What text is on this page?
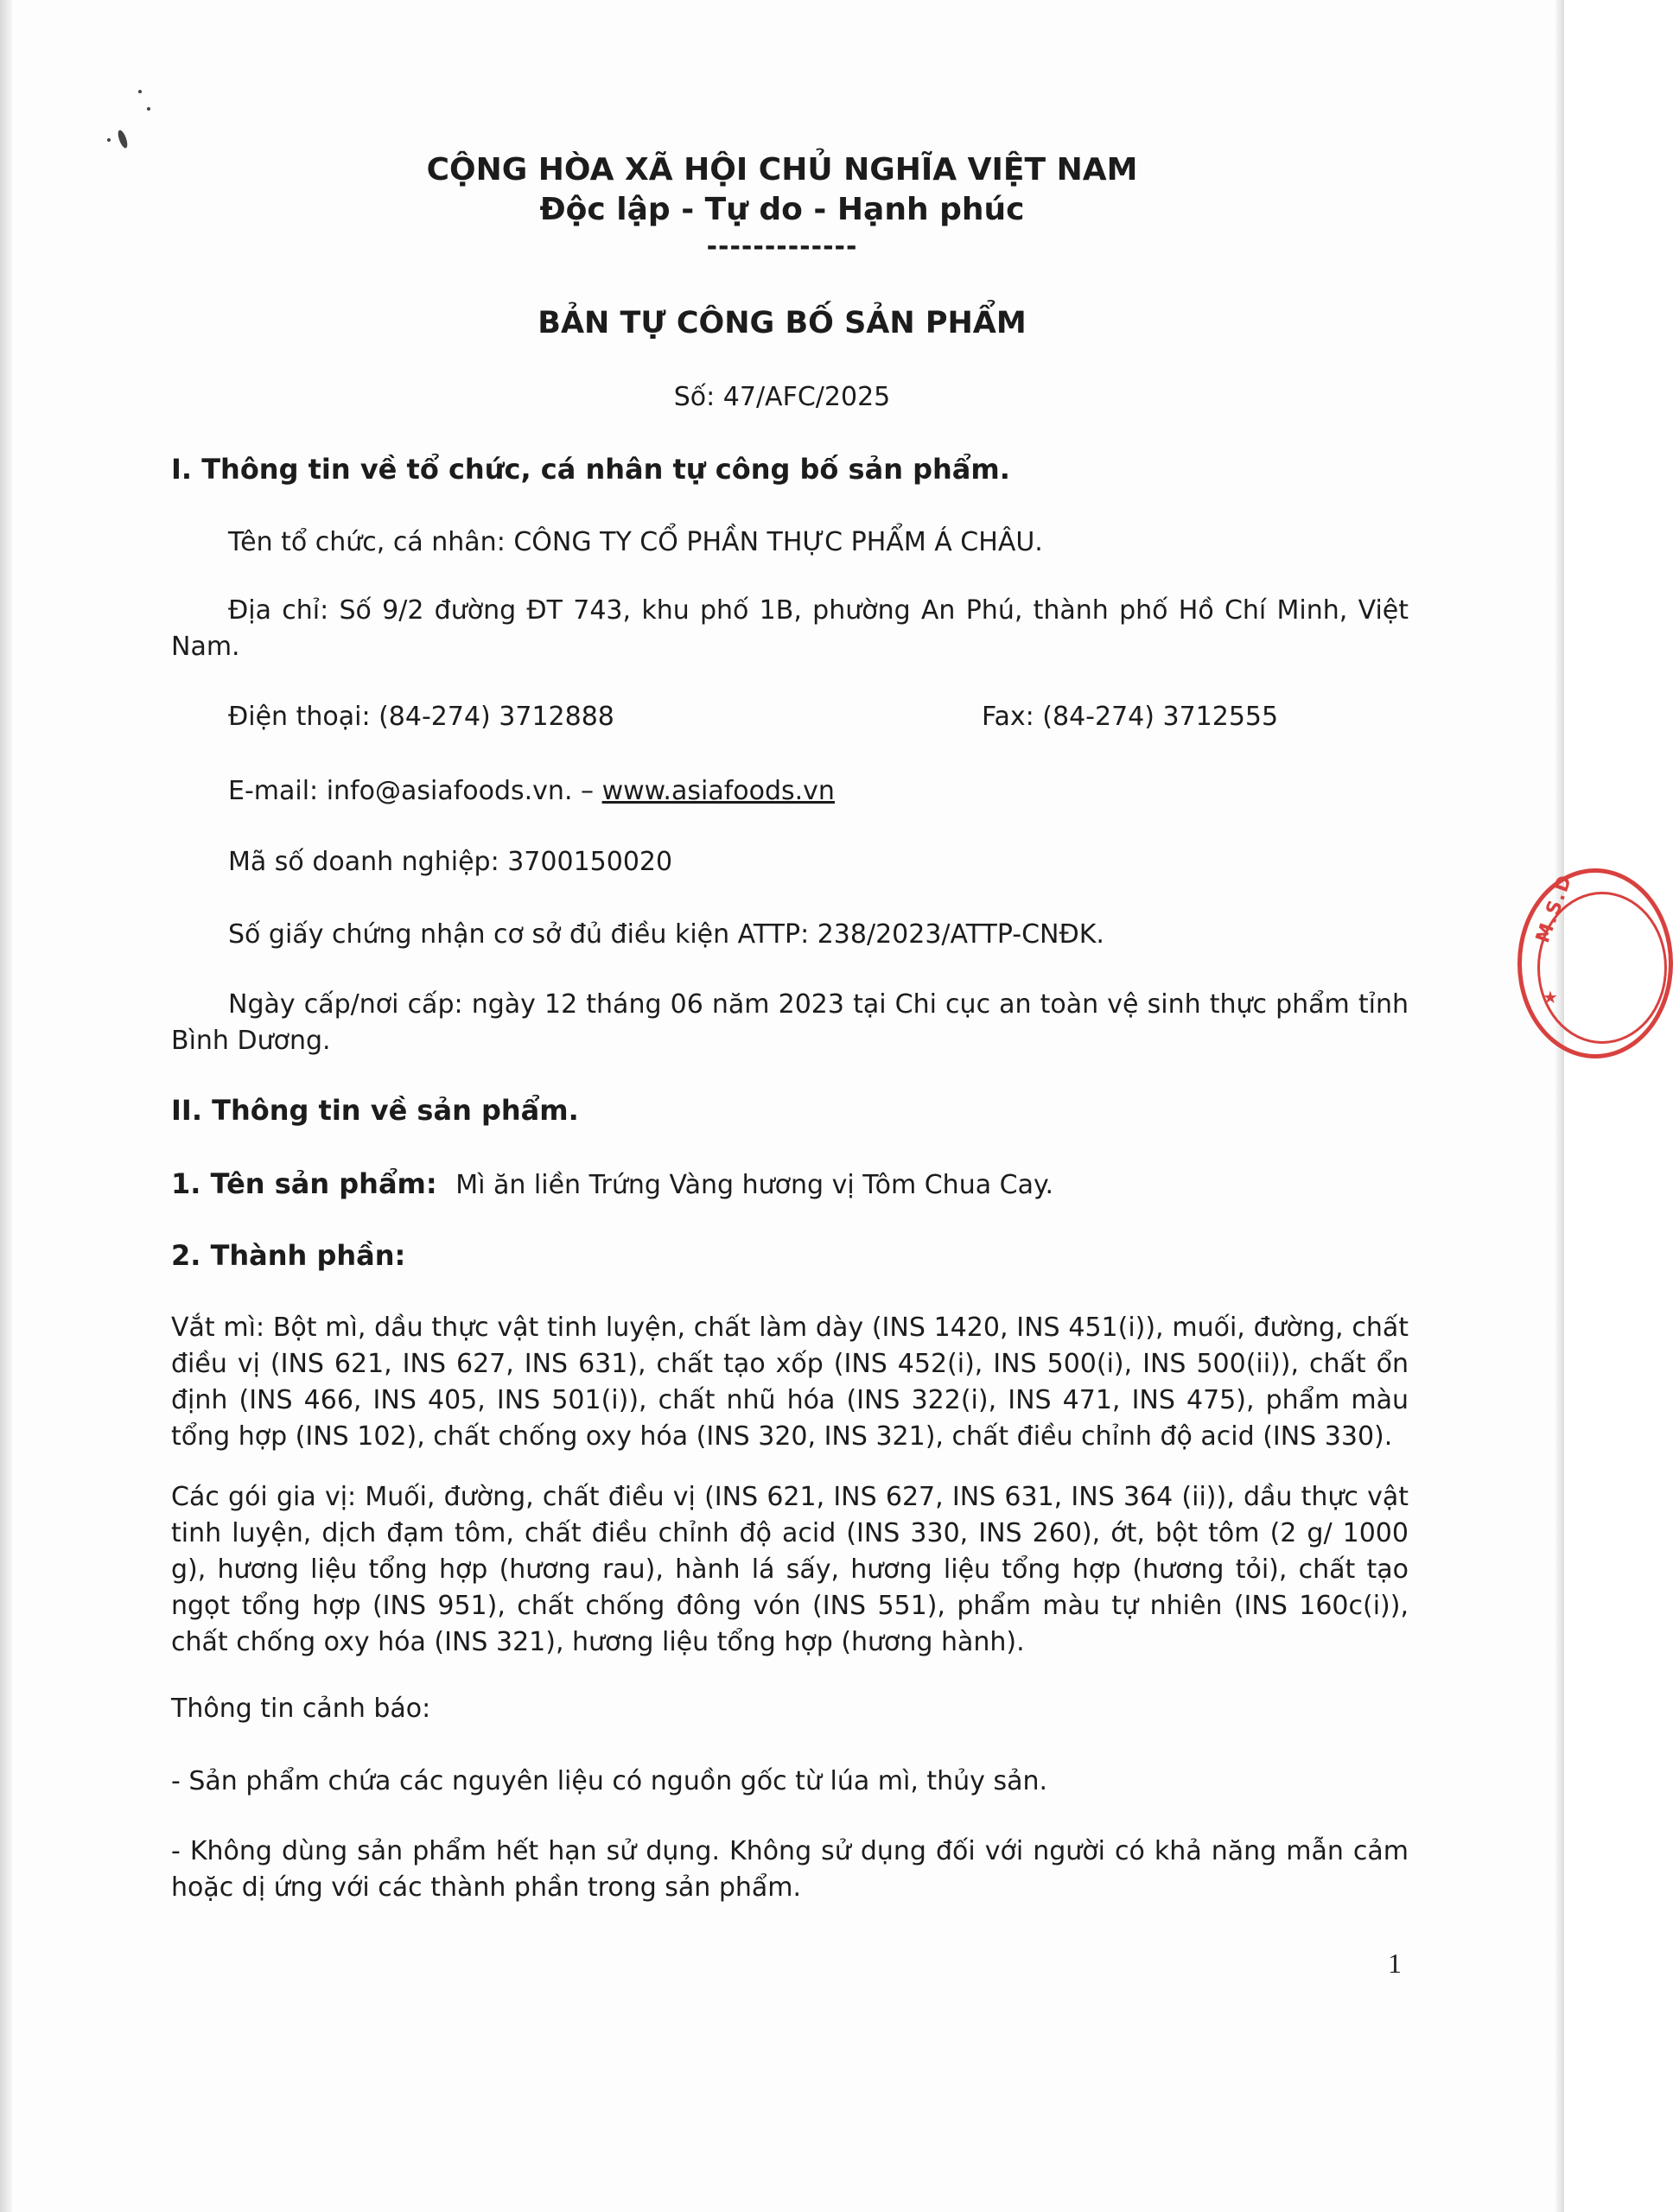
CỘNG HÒA XÃ HỘI CHỦ NGHĨA VIỆT NAM
Độc lập - Tự do - Hạnh phúc
-------------
BẢN TỰ CÔNG BỐ SẢN PHẨM
Số: 47/AFC/2025
I. Thông tin về tổ chức, cá nhân tự công bố sản phẩm.
Tên tổ chức, cá nhân: CÔNG TY CỔ PHẦN THỰC PHẨM Á CHÂU.
Địa chỉ: Số 9/2 đường ĐT 743, khu phố 1B, phường An Phú, thành phố Hồ Chí Minh, Việt Nam.
Điện thoại: (84-274) 3712888	Fax: (84-274) 3712555
E-mail: info@asiafoods.vn. – www.asiafoods.vn
Mã số doanh nghiệp: 3700150020
Số giấy chứng nhận cơ sở đủ điều kiện ATTP: 238/2023/ATTP-CNĐK.
Ngày cấp/nơi cấp: ngày 12 tháng 06 năm 2023 tại Chi cục an toàn vệ sinh thực phẩm tỉnh Bình Dương.
II. Thông tin về sản phẩm.
1. Tên sản phẩm: Mì ăn liền Trứng Vàng hương vị Tôm Chua Cay.
2. Thành phần:
Vắt mì: Bột mì, dầu thực vật tinh luyện, chất làm dày (INS 1420, INS 451(i)), muối, đường, chất điều vị (INS 621, INS 627, INS 631), chất tạo xốp (INS 452(i), INS 500(i), INS 500(ii)), chất ổn định (INS 466, INS 405, INS 501(i)), chất nhũ hóa (INS 322(i), INS 471, INS 475), phẩm màu tổng hợp (INS 102), chất chống oxy hóa (INS 320, INS 321), chất điều chỉnh độ acid (INS 330).
Các gói gia vị: Muối, đường, chất điều vị (INS 621, INS 627, INS 631, INS 364 (ii)), dầu thực vật tinh luyện, dịch đạm tôm, chất điều chỉnh độ acid (INS 330, INS 260), ớt, bột tôm (2 g/ 1000 g), hương liệu tổng hợp (hương rau), hành lá sấy, hương liệu tổng hợp (hương tỏi), chất tạo ngọt tổng hợp (INS 951), chất chống đông vón (INS 551), phẩm màu tự nhiên (INS 160c(i)), chất chống oxy hóa (INS 321), hương liệu tổng hợp (hương hành).
Thông tin cảnh báo:
- Sản phẩm chứa các nguyên liệu có nguồn gốc từ lúa mì, thủy sản.
- Không dùng sản phẩm hết hạn sử dụng. Không sử dụng đối với người có khả năng mẫn cảm hoặc dị ứng với các thành phần trong sản phẩm.
M.S.D
★
1
